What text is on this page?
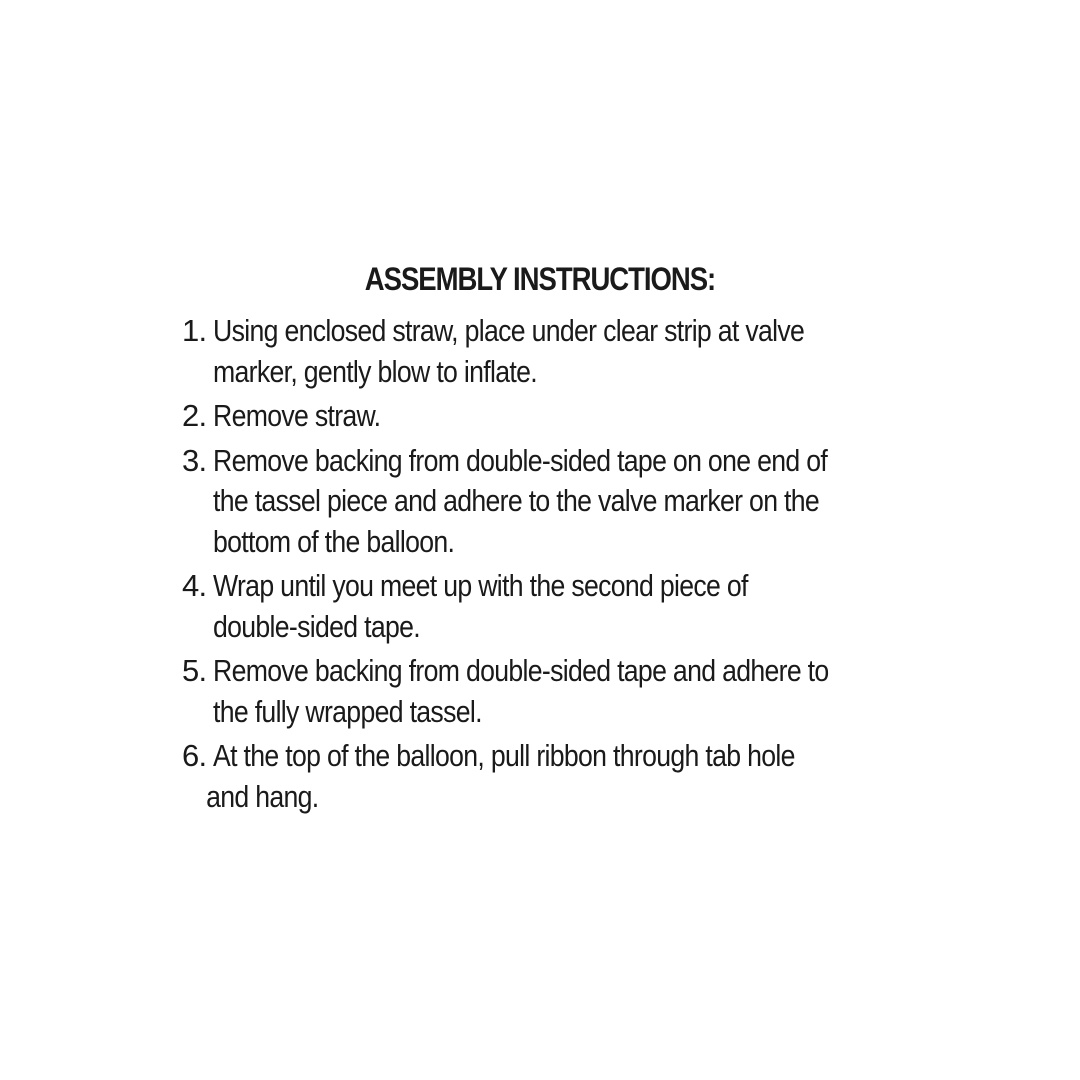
ASSEMBLY INSTRUCTIONS:
1. Using enclosed straw, place under clear strip at valve
marker, gently blow to inflate.
2. Remove straw.
3. Remove backing from double-sided tape on one end of
the tassel piece and adhere to the valve marker on the
bottom of the balloon.
4. Wrap until you meet up with the second piece of
double-sided tape.
5. Remove backing from double-sided tape and adhere to
the fully wrapped tassel.
6. At the top of the balloon, pull ribbon through tab hole
and hang.
